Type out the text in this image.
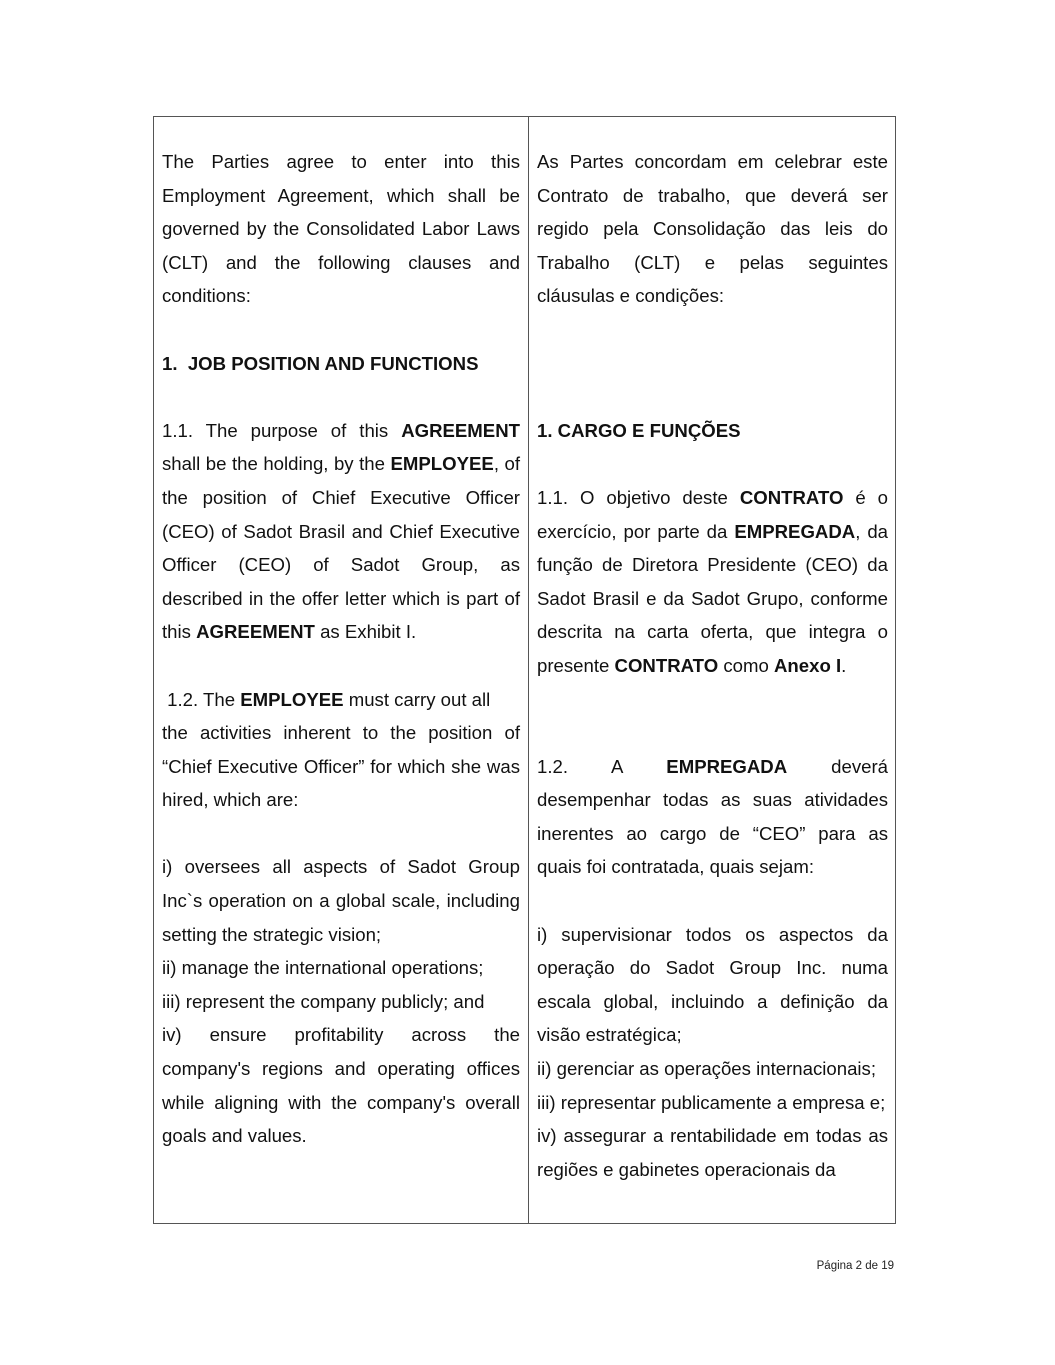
The Parties agree to enter into this Employment Agreement, which shall be governed by the Consolidated Labor Laws (CLT) and the following clauses and conditions:

1.  JOB POSITION AND FUNCTIONS

1.1. The purpose of this AGREEMENT shall be the holding, by the EMPLOYEE, of the position of Chief Executive Officer (CEO) of Sadot Brasil and Chief Executive Officer (CEO) of Sadot Group, as described in the offer letter which is part of this AGREEMENT as Exhibit I.

1.2. The EMPLOYEE must carry out all
the activities inherent to the position of “Chief Executive Officer” for which she was hired, which are:

i) oversees all aspects of Sadot Group Inc`s operation on a global scale, including setting the strategic vision;

ii) manage the international operations;

iii) represent the company publicly; and

iv) ensure profitability across the company's regions and operating offices while aligning with the company's overall goals and values.

As Partes concordam em celebrar este Contrato de trabalho, que deverá ser regido pela Consolidação das leis do Trabalho (CLT) e pelas seguintes cláusulas e condições:

1. CARGO E FUNÇÕES

1.1. O objetivo deste CONTRATO é o exercício, por parte da EMPREGADA, da função de Diretora Presidente (CEO) da Sadot Brasil e da Sadot Grupo, conforme descrita na carta oferta, que integra o presente CONTRATO como Anexo I.

1.2. A EMPREGADA deverá desempenhar todas as suas atividades inerentes ao cargo de “CEO” para as quais foi contratada, quais sejam:

i) supervisionar todos os aspectos da operação do Sadot Group Inc. numa escala global, incluindo a definição da visão estratégica;

ii) gerenciar as operações internacionais;

iii) representar publicamente a empresa e;

iv) assegurar a rentabilidade em todas as regiões e gabinetes operacionais da

Página 2 de 19
